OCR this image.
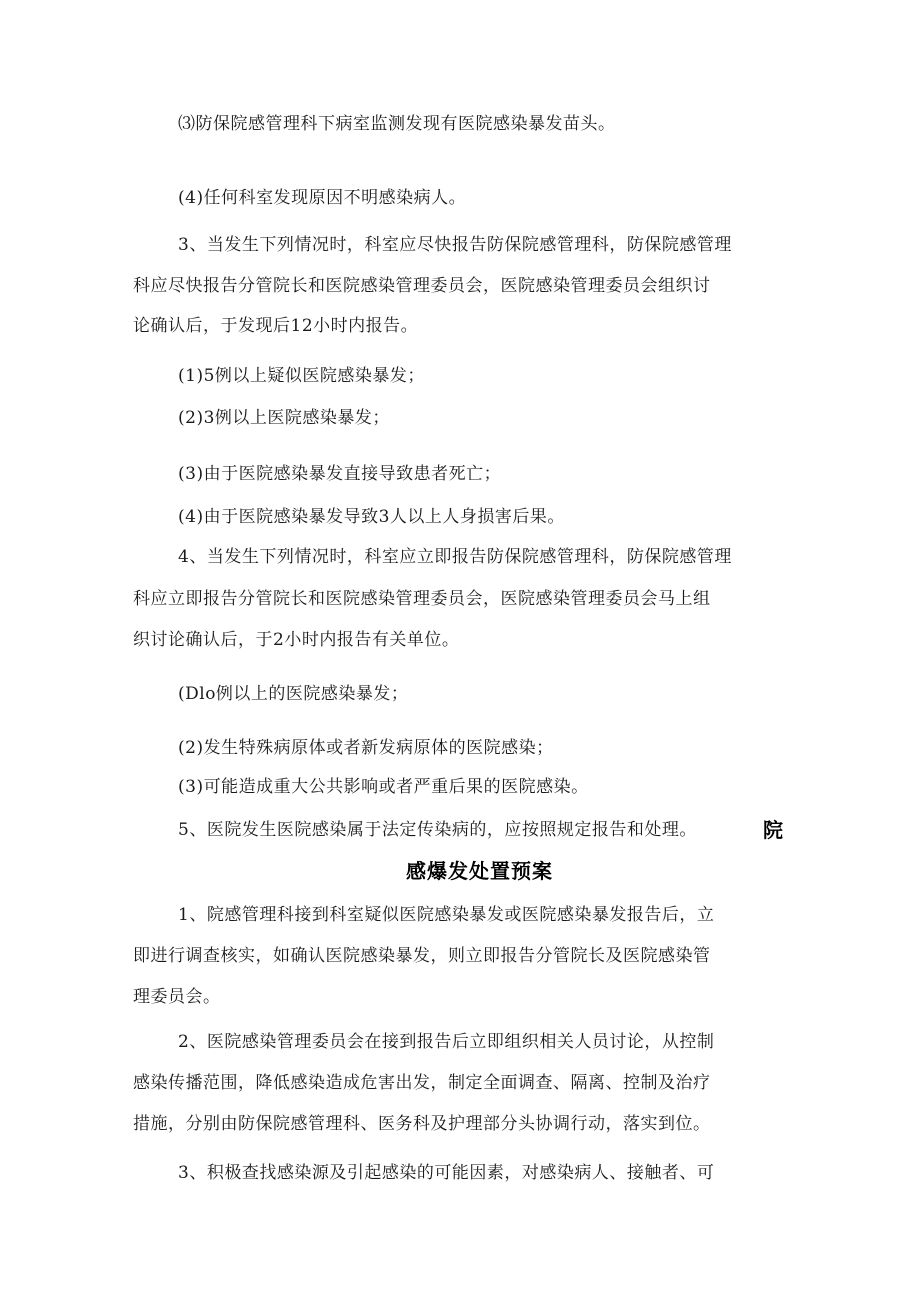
⑶防保院感管理科下病室监测发现有医院感染暴发苗头。
(4)任何科室发现原因不明感染病人。
3、当发生下列情况时，科室应尽快报告防保院感管理科，防保院感管理
科应尽快报告分管院长和医院感染管理委员会，医院感染管理委员会组织讨
论确认后，于发现后12小时内报告。
(1)5例以上疑似医院感染暴发；
(2)3例以上医院感染暴发；
(3)由于医院感染暴发直接导致患者死亡；
(4)由于医院感染暴发导致3人以上人身损害后果。
4、当发生下列情况时，科室应立即报告防保院感管理科，防保院感管理
科应立即报告分管院长和医院感染管理委员会，医院感染管理委员会马上组
织讨论确认后，于2小时内报告有关单位。
(Dlo例以上的医院感染暴发；
(2)发生特殊病原体或者新发病原体的医院感染；
(3)可能造成重大公共影响或者严重后果的医院感染。
5、医院发生医院感染属于法定传染病的，应按照规定报告和处理。	院
感爆发处置预案
1、院感管理科接到科室疑似医院感染暴发或医院感染暴发报告后，立
即进行调查核实，如确认医院感染暴发，则立即报告分管院长及医院感染管
理委员会。
2、医院感染管理委员会在接到报告后立即组织相关人员讨论，从控制
感染传播范围，降低感染造成危害出发，制定全面调查、隔离、控制及治疗
措施，分别由防保院感管理科、医务科及护理部分头协调行动，落实到位。
3、积极查找感染源及引起感染的可能因素，对感染病人、接触者、可
